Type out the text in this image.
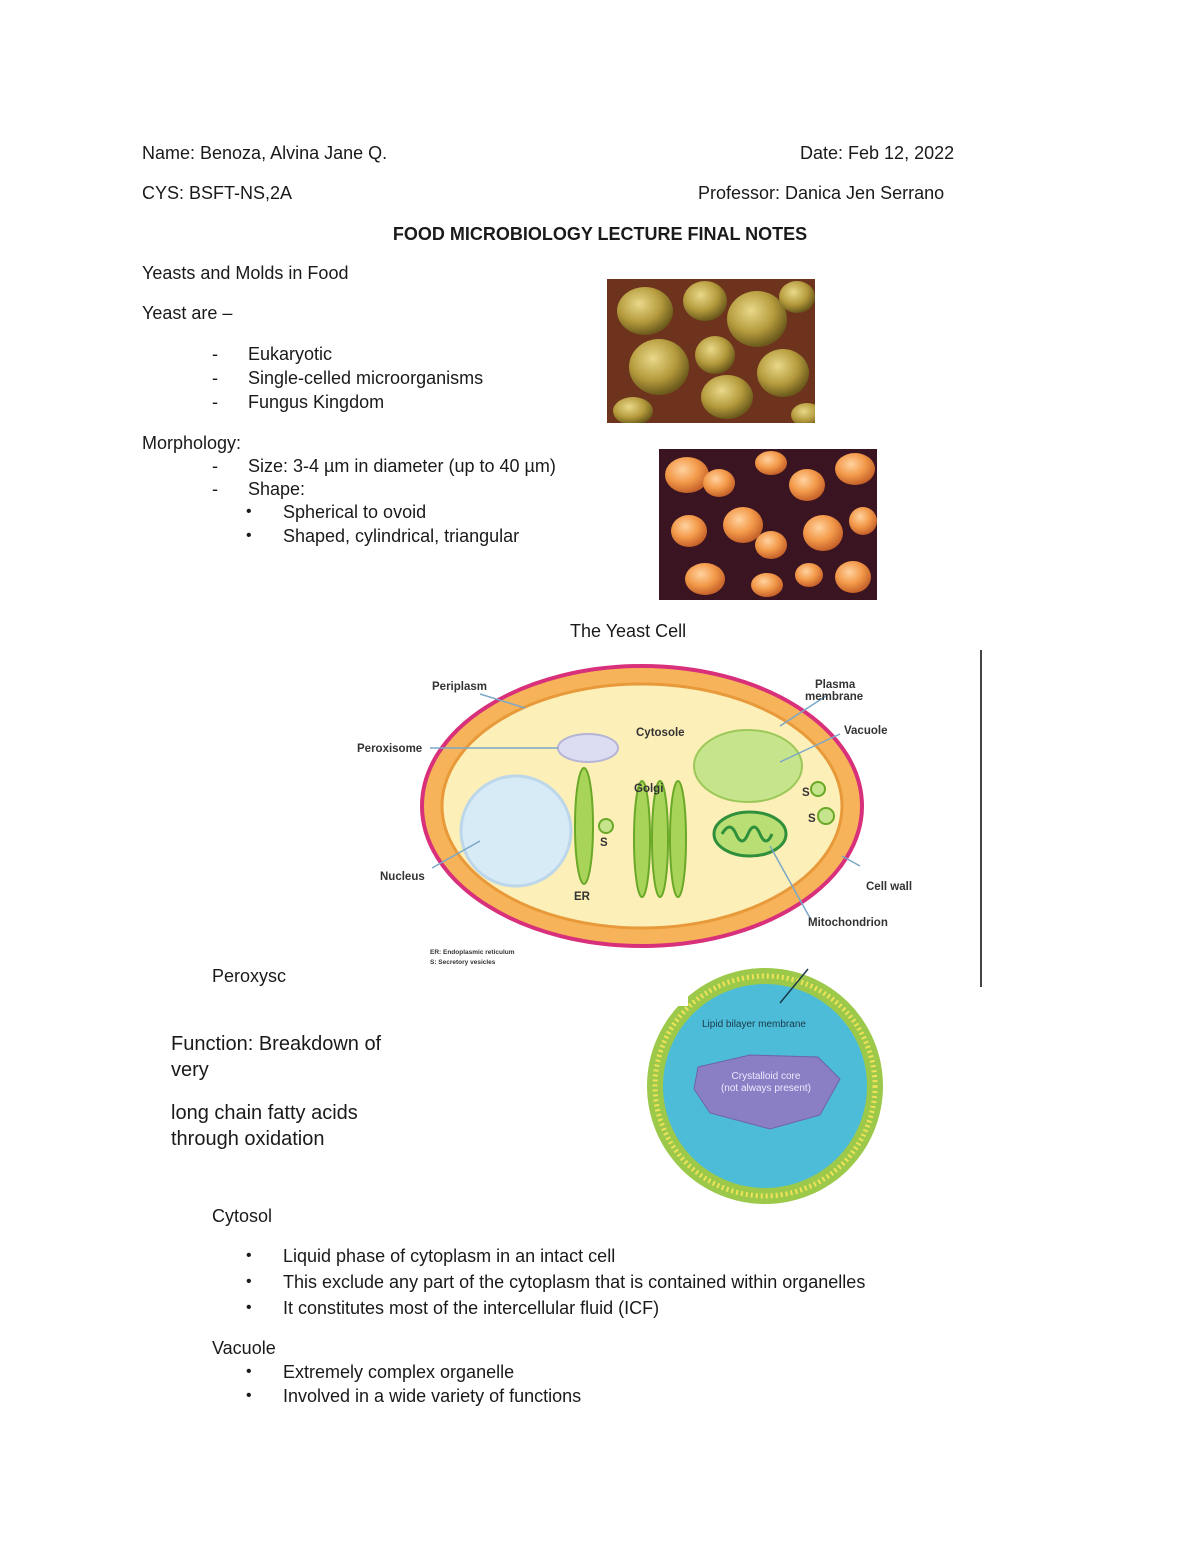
Name: Benoza, Alvina Jane Q.	Date: Feb 12, 2022
CYS: BSFT-NS,2A	Professor: Danica Jen Serrano
FOOD MICROBIOLOGY LECTURE FINAL NOTES
Yeasts and Molds in Food
Yeast are –
- Eukaryotic
- Single-celled microorganisms
- Fungus Kingdom
Morphology:
- Size: 3-4 µm in diameter (up to 40 µm)
- Shape:
• Spherical to ovoid
• Shaped, cylindrical, triangular
The Yeast Cell
Periplasm	Plasma
membrane
Cytosole	Vacuole
Peroxisome
Golgi
S
S
S
Nucleus
ER
Cell wall
Mitochondrion
ER: Endoplasmic reticulum
S: Secretory vesicles
Peroxysc
Function: Breakdown of
very
long chain fatty acids
through oxidation
Lipid bilayer membrane
Crystalloid core
(not always present)
Cytosol
• Liquid phase of cytoplasm in an intact cell
• This exclude any part of the cytoplasm that is contained within organelles
• It constitutes most of the intercellular fluid (ICF)
Vacuole
• Extremely complex organelle
• Involved in a wide variety of functions
